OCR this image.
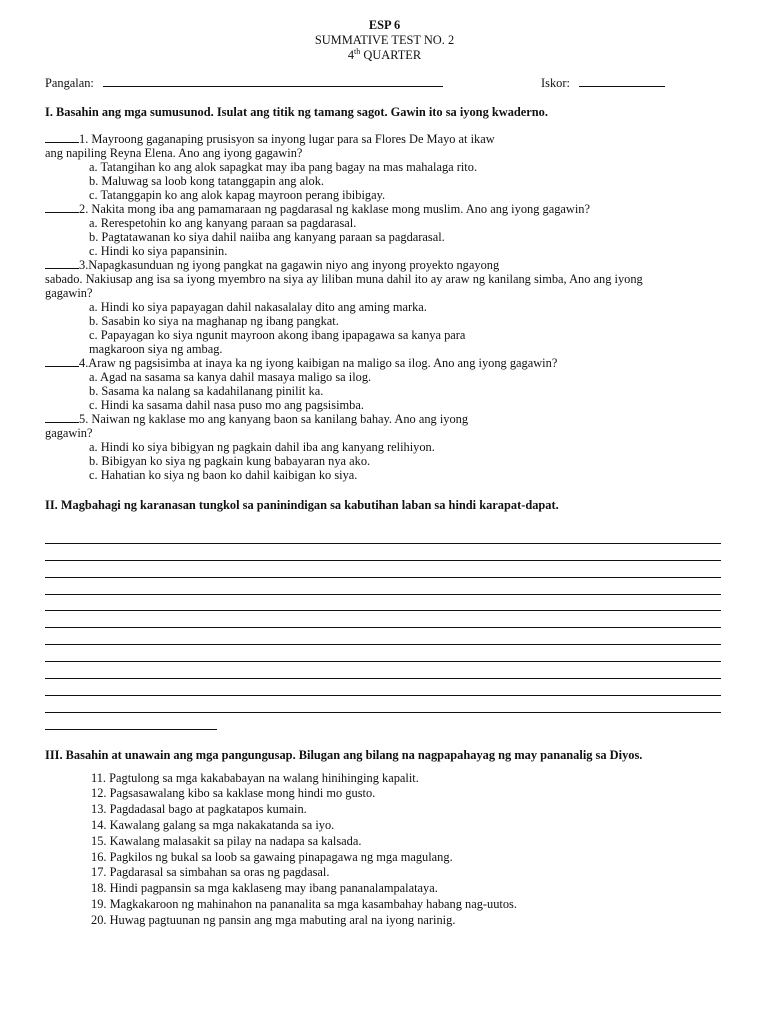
ESP 6
SUMMATIVE TEST NO. 2
4th QUARTER
Pangalan:	Iskor:
I. Basahin ang mga sumusunod. Isulat ang titik ng tamang sagot. Gawin ito sa iyong kwaderno.
1. Mayroong gaganaping prusisyon sa inyong lugar para sa Flores De Mayo at ikaw
ang napiling Reyna Elena. Ano ang iyong gagawin?
a. Tatangihan ko ang alok sapagkat may iba pang bagay na mas mahalaga rito.
b. Maluwag sa loob kong tatanggapin ang alok.
c. Tatanggapin ko ang alok kapag mayroon perang ibibigay.
2. Nakita mong iba ang pamamaraan ng pagdarasal ng kaklase mong muslim. Ano ang iyong gagawin?
a. Rerespetohin ko ang kanyang paraan sa pagdarasal.
b. Pagtatawanan ko siya dahil naiiba ang kanyang paraan sa pagdarasal.
c. Hindi ko siya papansinin.
3.Napagkasunduan ng iyong pangkat na gagawin niyo ang inyong proyekto ngayong
sabado. Nakiusap ang isa sa iyong myembro na siya ay liliban muna dahil ito ay araw ng kanilang simba, Ano ang iyong
gagawin?
a. Hindi ko siya papayagan dahil nakasalalay dito ang aming marka.
b. Sasabin ko siya na maghanap ng ibang pangkat.
c. Papayagan ko siya ngunit mayroon akong ibang ipapagawa sa kanya para
magkaroon siya ng ambag.
4.Araw ng pagsisimba at inaya ka ng iyong kaibigan na maligo sa ilog. Ano ang iyong gagawin?
a. Agad na sasama sa kanya dahil masaya maligo sa ilog.
b. Sasama ka nalang sa kadahilanang pinilit ka.
c. Hindi ka sasama dahil nasa puso mo ang pagsisimba.
5. Naiwan ng kaklase mo ang kanyang baon sa kanilang bahay. Ano ang iyong
gagawin?
a. Hindi ko siya bibigyan ng pagkain dahil iba ang kanyang relihiyon.
b. Bibigyan ko siya ng pagkain kung babayaran nya ako.
c. Hahatian ko siya ng baon ko dahil kaibigan ko siya.
II. Magbahagi ng karanasan tungkol sa paninindigan sa kabutihan laban sa hindi karapat-dapat.
III. Basahin at unawain ang mga pangungusap. Bilugan ang bilang na nagpapahayag ng may pananalig sa Diyos.
11. Pagtulong sa mga kakababayan na walang hinihinging kapalit.
12. Pagsasawalang kibo sa kaklase mong hindi mo gusto.
13. Pagdadasal bago at pagkatapos kumain.
14. Kawalang galang sa mga nakakatanda sa iyo.
15. Kawalang malasakit sa pilay na nadapa sa kalsada.
16. Pagkilos ng bukal sa loob sa gawaing pinapagawa ng mga magulang.
17. Pagdarasal sa simbahan sa oras ng pagdasal.
18. Hindi pagpansin sa mga kaklaseng may ibang pananalampalataya.
19. Magkakaroon ng mahinahon na pananalita sa mga kasambahay habang nag-uutos.
20. Huwag pagtuunan ng pansin ang mga mabuting aral na iyong narinig.
